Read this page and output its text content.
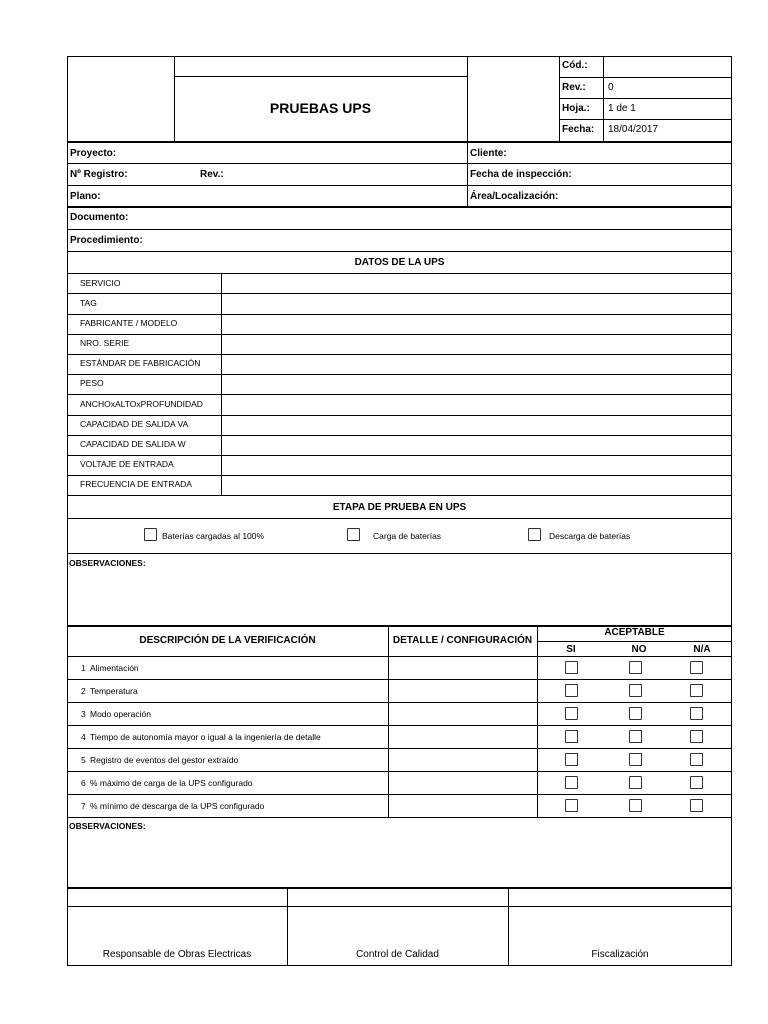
PRUEBAS UPS
Cód.:
Rev.: 0
Hoja.: 1 de 1
Fecha: 18/04/2017
Proyecto:	Cliente:
Nº Registro:	Rev.:	Fecha de inspección:
Plano:	Área/Localización:
Documento:
Procedimiento:
DATOS DE LA UPS
SERVICIO
TAG
FABRICANTE / MODELO
NRO. SERIE
ESTÁNDAR DE FABRICACIÓN
PESO
ANCHOxALTOxPROFUNDIDAD
CAPACIDAD DE SALIDA VA
CAPACIDAD DE SALIDA W
VOLTAJE DE ENTRADA
FRECUENCIA DE ENTRADA
ETAPA DE PRUEBA EN UPS
Baterías cargadas al 100%	Carga de baterías	Descarga de baterías
OBSERVACIONES:
DESCRIPCIÓN DE LA VERIFICACIÓN	DETALLE / CONFIGURACIÓN
ACEPTABLE
SI	NO	N/A
1 Alimentación
2 Temperatura
3 Modo operación
4 Tiempo de autonomía mayor o igual a la ingeniería de detalle
5 Registro de eventos del gestor extraído
6 % máximo de carga de la UPS configurado
7 % mínimo de descarga de la UPS configurado
OBSERVACIONES:
Responsable de Obras Electricas	Control de Calidad	Fiscalización
